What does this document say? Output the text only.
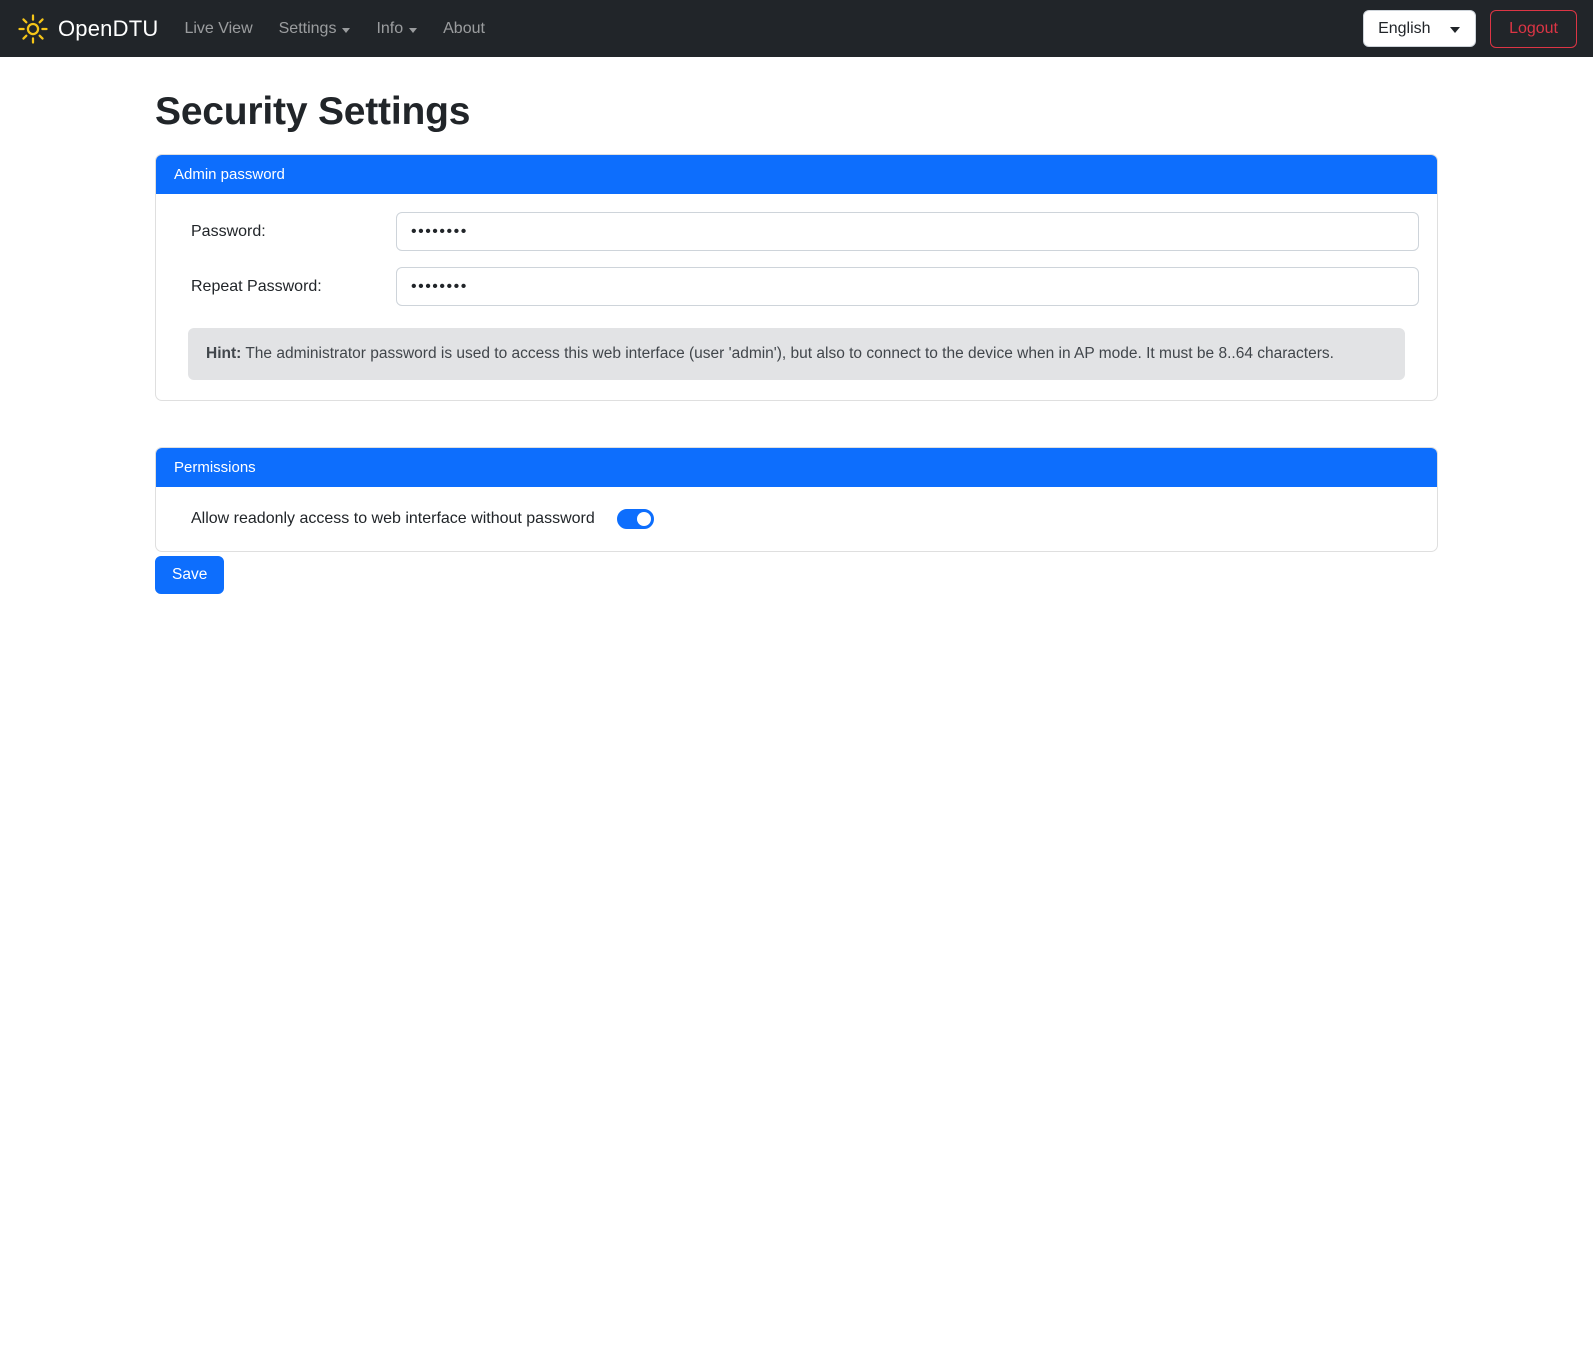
OpenDTU Live View Settings	Info	About
English	Logout
Security Settings
Admin password
Password:
••••••••
Repeat Password:
••••••••
Hint: The administrator password is used to access this web interface (user 'admin'), but also to connect to the device when in AP mode. It must be 8..64 characters.
Permissions
Allow readonly access to web interface without password
Save
